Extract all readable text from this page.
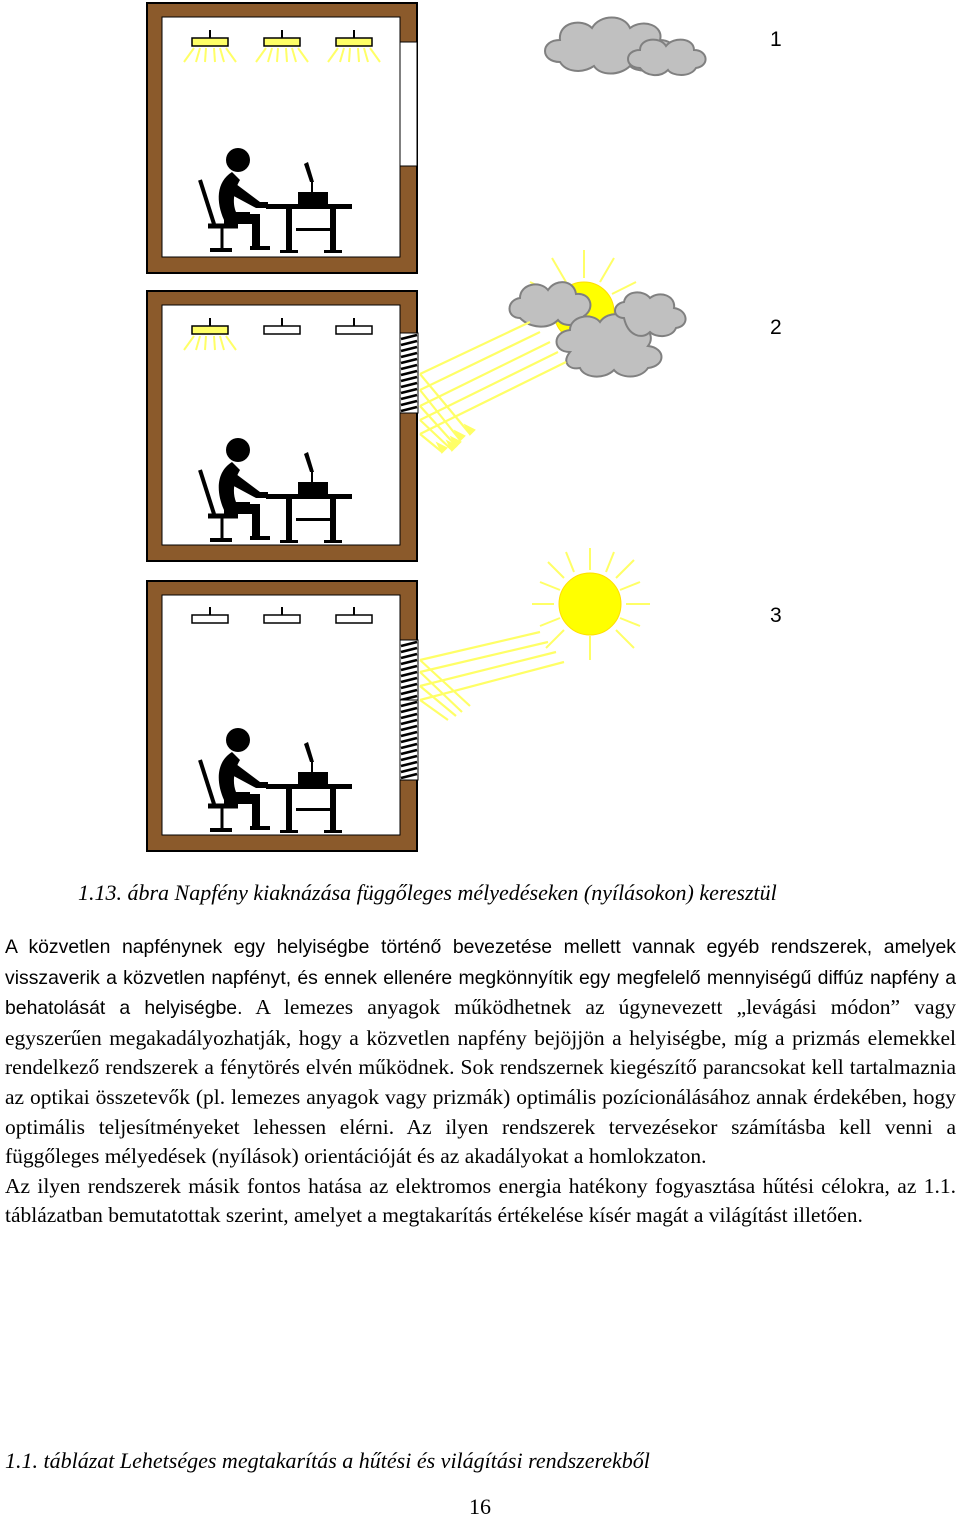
1
2
3
1.13. ábra Napfény kiaknázása függőleges mélyedéseken (nyílásokon) keresztül

A közvetlen napfénynek egy helyiségbe történő bevezetése mellett vannak egyéb rendszerek, amelyek visszaverik a közvetlen napfényt, és ennek ellenére megkönnyítik egy megfelelő mennyiségű diffúz napfény a behatolását a helyiségbe. A lemezes anyagok működhetnek az úgynevezett „levágási módon” vagy egyszerűen megakadályozhatják, hogy a közvetlen napfény bejöjjön a helyiségbe, míg a prizmás elemekkel rendelkező rendszerek a fénytörés elvén működnek. Sok rendszernek kiegészítő parancsokat kell tartalmaznia az optikai összetevők (pl. lemezes anyagok vagy prizmák) optimális pozícionálásához annak érdekében, hogy optimális teljesítményeket lehessen elérni. Az ilyen rendszerek tervezésekor számításba kell venni a függőleges mélyedések (nyílások) orientációját és az akadályokat a homlokzaton.

Az ilyen rendszerek másik fontos hatása az elektromos energia hatékony fogyasztása hűtési célokra, az 1.1. táblázatban bemutatottak szerint, amelyet a megtakarítás értékelése kísér magát a világítást illetően.

1.1. táblázat Lehetséges megtakarítás a hűtési és világítási rendszerekből
16
